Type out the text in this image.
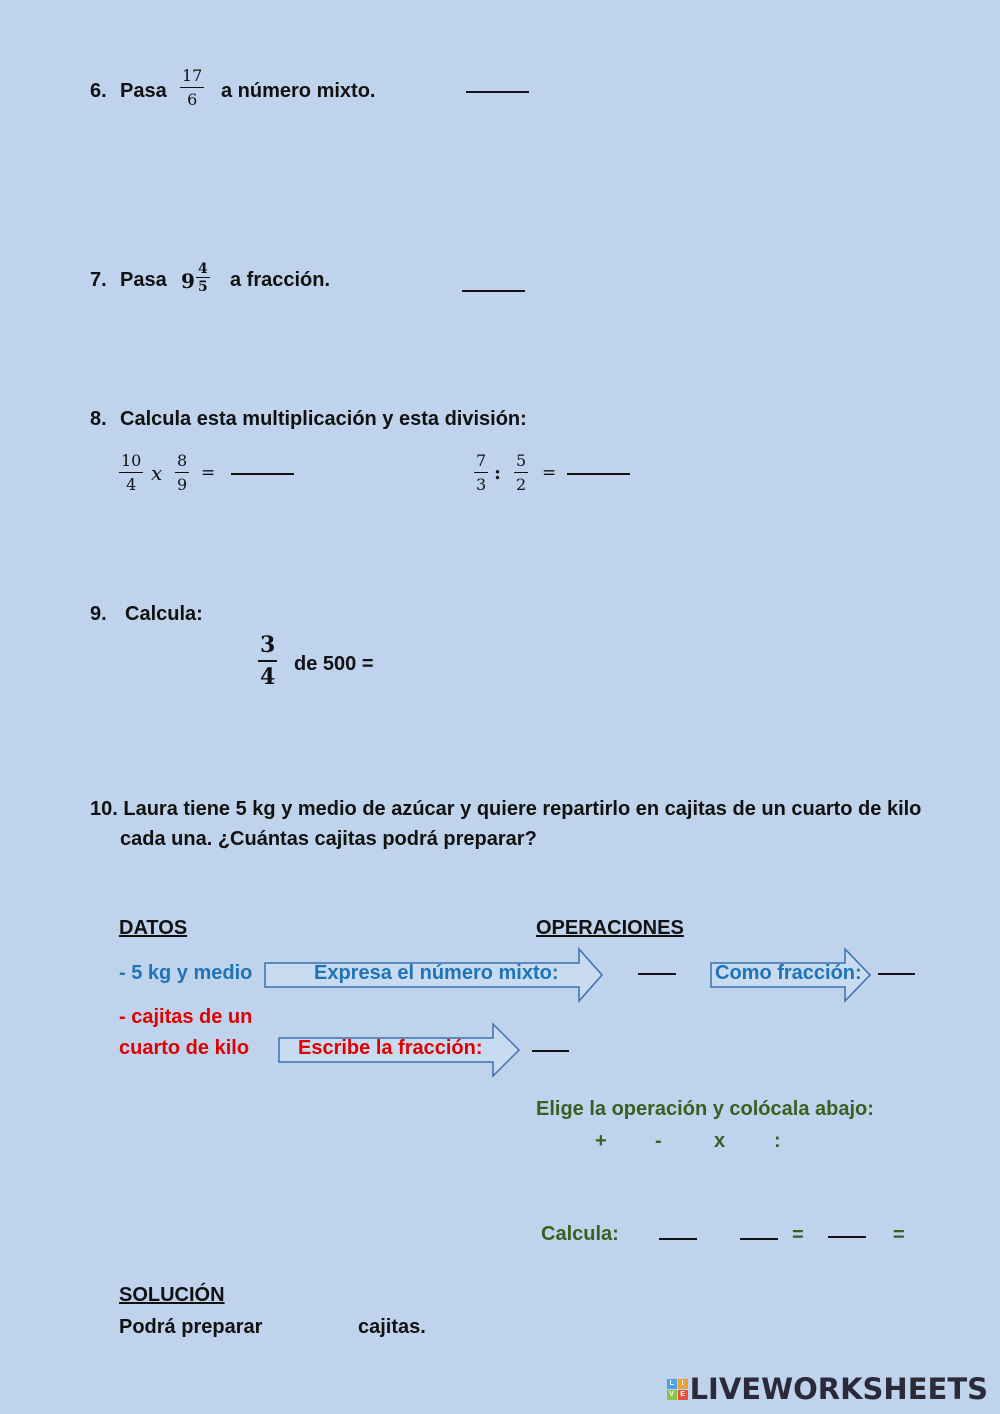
6. Pasa $\frac{17}{6}$ a número mixto.
7. Pasa $9 \frac{4}{5}$ a fracción.
8. Calcula esta multiplicación y esta división:
$\frac{10}{4}$ x $\frac{8}{9}$ =	$\frac{7}{3}$ : $\frac{5}{2}$ =
9. Calcula:
$\frac{3}{4}$ de 500 =
10. Laura tiene 5 kg y medio de azúcar y quiere repartirlo en cajitas de un cuarto de kilo
cada una. ¿Cuántas cajitas podrá preparar?
DATOS	OPERACIONES
- 5 kg y medio	Expresa el número mixto:	Como fracción:
- cajitas de un
cuarto de kilo Escribe la fracción:
Elige la operación y colócala abajo:
+ -	x :
Calcula:	=	=
SOLUCIÓN
Podrá preparar	cajitas.
L	I
V E LIVEWORKSHEETS
